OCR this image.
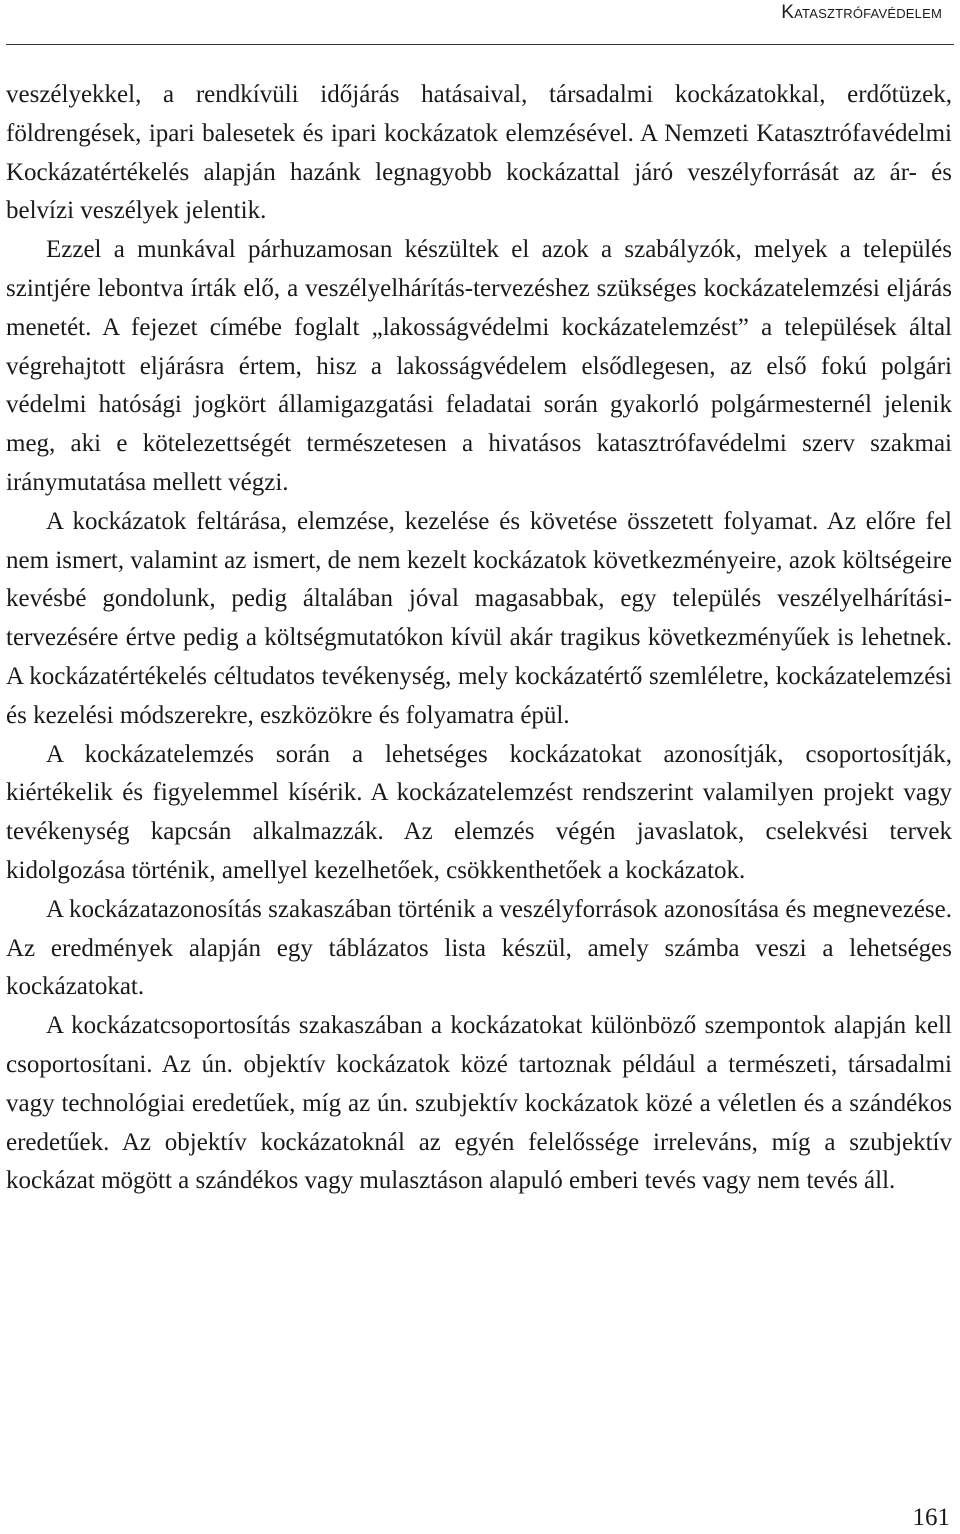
Katasztrófavédelem

veszélyekkel, a rendkívüli időjárás hatásaival, társadalmi kockázatokkal, erdőtüzek, földrengések, ipari balesetek és ipari kockázatok elemzésével. A Nemzeti Katasztrófavédelmi Kockázatértékelés alapján hazánk legnagyobb kockázattal járó veszélyforrását az ár- és belvízi veszélyek jelentik.

Ezzel a munkával párhuzamosan készültek el azok a szabályzók, melyek a település szintjére lebontva írták elő, a veszélyelhárítás-tervezéshez szükséges kockázatelemzési eljárás menetét. A fejezet címébe foglalt „lakosságvédelmi kockázatelemzést” a települések által végrehajtott eljárásra értem, hisz a lakosságvédelem elsődlegesen, az első fokú polgári védelmi hatósági jogkört államigazgatási feladatai során gyakorló polgármesternél jelenik meg, aki e kötelezettségét természetesen a hivatásos katasztrófavédelmi szerv szakmai iránymutatása mellett végzi.

A kockázatok feltárása, elemzése, kezelése és követése összetett folyamat. Az előre fel nem ismert, valamint az ismert, de nem kezelt kockázatok következményeire, azok költségeire kevésbé gondolunk, pedig általában jóval magasabbak, egy település veszélyelhárítási-tervezésére értve pedig a költségmutatókon kívül akár tragikus következményűek is lehetnek. A kockázatértékelés céltudatos tevékenység, mely kockázatértő szemléletre, kockázatelemzési és kezelési módszerekre, eszközökre és folyamatra épül.

A kockázatelemzés során a lehetséges kockázatokat azonosítják, csoportosítják, kiértékelik és figyelemmel kísérik. A kockázatelemzést rendszerint valamilyen projekt vagy tevékenység kapcsán alkalmazzák. Az elemzés végén javaslatok, cselekvési tervek kidolgozása történik, amellyel kezelhetőek, csökkenthetőek a kockázatok.

A kockázatazonosítás szakaszában történik a veszélyforrások azonosítása és megnevezése. Az eredmények alapján egy táblázatos lista készül, amely számba veszi a lehetséges kockázatokat.

A kockázatcsoportosítás szakaszában a kockázatokat különböző szempontok alapján kell csoportosítani. Az ún. objektív kockázatok közé tartoznak például a természeti, társadalmi vagy technológiai eredetűek, míg az ún. szubjektív kockázatok közé a véletlen és a szándékos eredetűek. Az objektív kockázatoknál az egyén felelőssége irreleváns, míg a szubjektív kockázat mögött a szándékos vagy mulasztáson alapuló emberi tevés vagy nem tevés áll.

161
